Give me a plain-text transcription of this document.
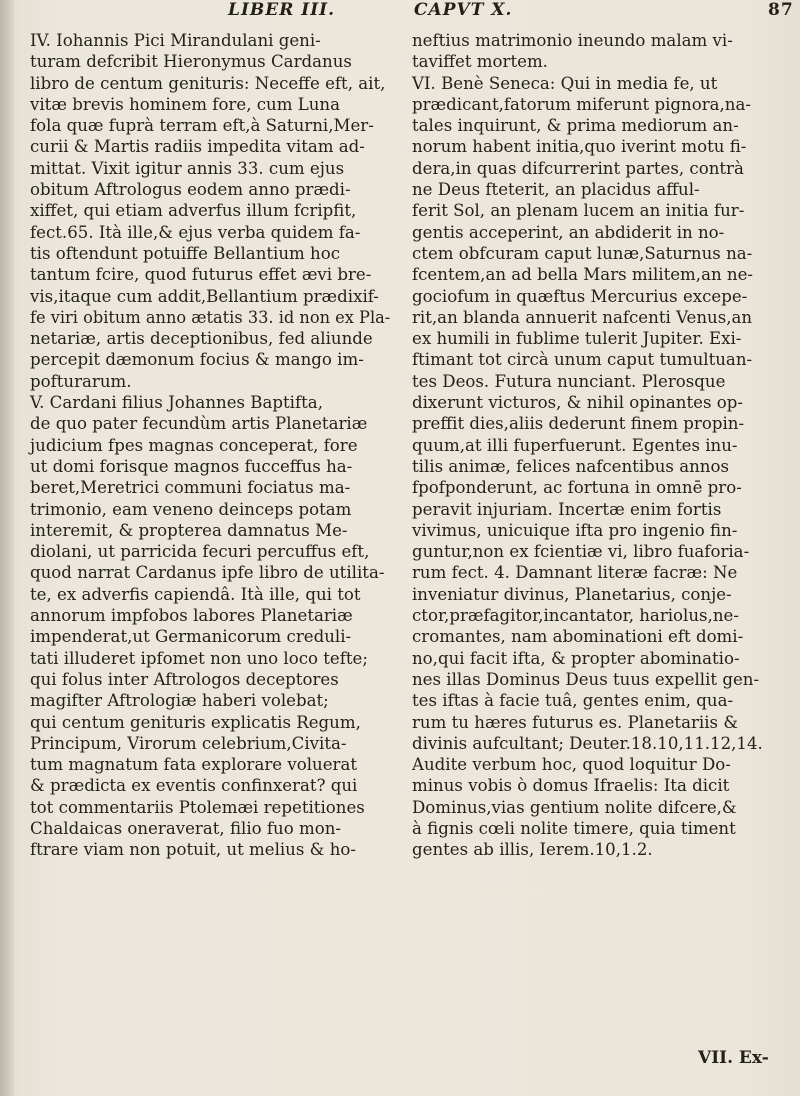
LIBER III.	CAPVT X.	87
IV. Iohannis Pici Mirandulani geni-
turam defcribit Hieronymus Cardanus
libro de centum genituris: Neceffe eft, ait,
vitæ brevis hominem fore, cum Luna
fola quæ fuprà terram eft,à Saturni,Mer-
curii & Martis radiis impedita vitam ad-
mittat. Vixit igitur annis 33. cum ejus
obitum Aftrologus eodem anno prædi-
xiffet, qui etiam adverfus illum fcripfit,
fect.65. Ità ille,& ejus verba quidem fa-
tis oftendunt potuiffe Bellantium hoc
tantum fcire, quod futurus effet ævi bre-
vis,itaque cum addit,Bellantium prædixif-
fe viri obitum anno ætatis 33. id non ex Pla-
netariæ, artis deceptionibus, fed aliunde
percepit dæmonum focius & mango im-
pofturarum.
V. Cardani filius Johannes Baptifta,
de quo pater fecundùm artis Planetariæ
judicium fpes magnas conceperat, fore
ut domi forisque magnos fucceffus ha-
beret,Meretrici communi fociatus ma-
trimonio, eam veneno deinceps potam
interemit, & propterea damnatus Me-
diolani, ut parricida fecuri percuffus eft,
quod narrat Cardanus ipfe libro de utilita-
te, ex adverfis capiendâ. Ità ille, qui tot
annorum impfobos labores Planetariæ
impenderat,ut Germanicorum creduli-
tati illuderet ipfomet non uno loco tefte;
qui folus inter Aftrologos deceptores
magifter Aftrologiæ haberi volebat;
qui centum genituris explicatis Regum,
Principum, Virorum celebrium,Civita-
tum magnatum fata explorare voluerat
& prædicta ex eventis confinxerat? qui
tot commentariis Ptolemæi repetitiones
Chaldaicas oneraverat, filio fuo mon-
ftrare viam non potuit, ut melius & ho-
neftius matrimonio ineundo malam vi-
taviffet mortem.
VI. Benè Seneca: Qui in media fe, ut
prædicant,fatorum miferunt pignora,na-
tales inquirunt, & prima mediorum an-
norum habent initia,quo iverint motu fi-
dera,in quas difcurrerint partes, contrà
ne Deus fteterit, an placidus afful-
ferit Sol, an plenam lucem an initia fur-
gentis acceperint, an abdiderit in no-
ctem obfcuram caput lunæ,Saturnus na-
fcentem,an ad bella Mars militem,an ne-
gociofum in quæftus Mercurius excepe-
rit,an blanda annuerit nafcenti Venus,an
ex humili in fublime tulerit Jupiter. Exi-
ftimant tot circà unum caput tumultuan-
tes Deos. Futura nunciant. Plerosque
dixerunt victuros, & nihil opinantes op-
preffit dies,aliis dederunt finem propin-
quum,at illi fuperfuerunt. Egentes inu-
tilis animæ, felices nafcentibus annos
fpofponderunt, ac fortuna in omnē pro-
peravit injuriam. Incertæ enim fortis
vivimus, unicuique ifta pro ingenio fin-
guntur,non ex fcientiæ vi, libro fuaforia-
rum fect. 4. Damnant literæ facræ: Ne
inveniatur divinus, Planetarius, conje-
ctor,præfagitor,incantator, hariolus,ne-
cromantes, nam abominationi eft domi-
no,qui facit ifta, & propter abominatio-
nes illas Dominus Deus tuus expellit gen-
tes iftas à facie tuâ, gentes enim, qua-
rum tu hæres futurus es. Planetariis &
divinis aufcultant; Deuter.18.10,11.12,14.
Audite verbum hoc, quod loquitur Do-
minus vobis ò domus Ifraelis: Ita dicit
Dominus,vias gentium nolite difcere,&
à fignis cœli nolite timere, quia timent
gentes ab illis, Ierem.10,1.2.
VII. Ex-
